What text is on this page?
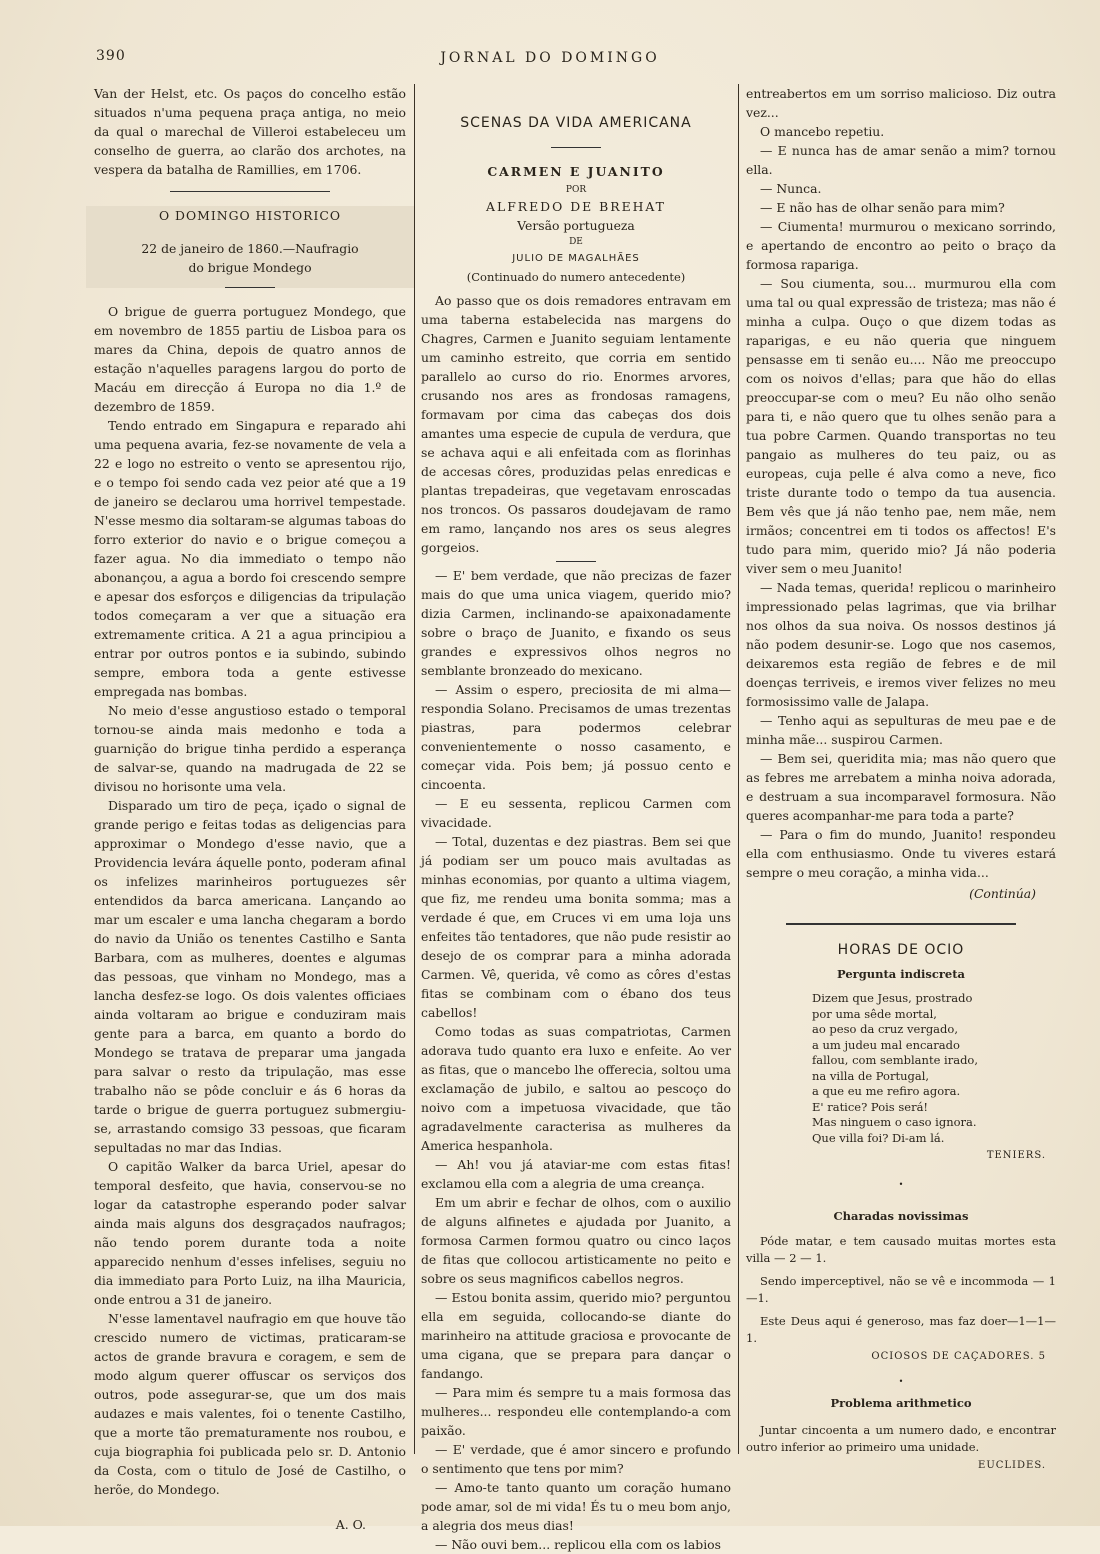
390	JORNAL DO DOMINGO

Van der Helst, etc. Os paços do concelho estão situados n'uma pequena praça antiga, no meio da qual o marechal de Villeroi estabeleceu um conselho de guerra, ao clarão dos archotes, na vespera da batalha de Ramillies, em 1706.

O DOMINGO HISTORICO
22 de janeiro de 1860.—Naufragio
do brigue Mondego

O brigue de guerra portuguez Mondego, que em novembro de 1855 partiu de Lisboa para os mares da China, depois de quatro annos de estação n'aquelles paragens largou do porto de Macáu em direcção á Europa no dia 1.º de dezembro de 1859.

Tendo entrado em Singapura e reparado ahi uma pequena avaria, fez-se novamente de vela a 22 e logo no estreito o vento se apresentou rijo, e o tempo foi sendo cada vez peior até que a 19 de janeiro se declarou uma horrivel tempestade. N'esse mesmo dia soltaram-se algumas taboas do forro exterior do navio e o brigue começou a fazer agua. No dia immediato o tempo não abonançou, a agua a bordo foi crescendo sempre e apesar dos esforços e diligencias da tripulação todos começaram a ver que a situação era extremamente critica. A 21 a agua principiou a entrar por outros pontos e ia subindo, subindo sempre, embora toda a gente estivesse empregada nas bombas.

No meio d'esse angustioso estado o temporal tornou-se ainda mais medonho e toda a guarnição do brigue tinha perdido a esperança de salvar-se, quando na madrugada de 22 se divisou no horisonte uma vela.

Disparado um tiro de peça, içado o signal de grande perigo e feitas todas as deligencias para approximar o Mondego d'esse navio, que a Providencia levára áquelle ponto, poderam afinal os infelizes marinheiros portuguezes sêr entendidos da barca americana. Lançando ao mar um escaler e uma lancha chegaram a bordo do navio da União os tenentes Castilho e Santa Barbara, com as mulheres, doentes e algumas das pessoas, que vinham no Mondego, mas a lancha desfez-se logo. Os dois valentes officiaes ainda voltaram ao brigue e conduziram mais gente para a barca, em quanto a bordo do Mondego se tratava de preparar uma jangada para salvar o resto da tripulação, mas esse trabalho não se pôde concluir e ás 6 horas da tarde o brigue de guerra portuguez submergiu-se, arrastando comsigo 33 pessoas, que ficaram sepultadas no mar das Indias.

O capitão Walker da barca Uriel, apesar do temporal desfeito, que havia, conservou-se no logar da catastrophe esperando poder salvar ainda mais alguns dos desgraçados naufragos; não tendo porem durante toda a noite apparecido nenhum d'esses infelises, seguiu no dia immediato para Porto Luiz, na ilha Mauricia, onde entrou a 31 de janeiro.

N'esse lamentavel naufragio em que houve tão crescido numero de victimas, praticaram-se actos de grande bravura e coragem, e sem de modo algum querer offuscar os serviços dos outros, pode assegurar-se, que um dos mais audazes e mais valentes, foi o tenente Castilho, que a morte tão prematuramente nos roubou, e cuja biographia foi publicada pelo sr. D. Antonio da Costa, com o titulo de José de Castilho, o herõe, do Mondego.

A. O.
SCENAS DA VIDA AMERICANA
CARMEN E JUANITO
POR
ALFREDO DE BREHAT
Versão portugueza
DE
JULIO DE MAGALHÃES
(Continuado do numero antecedente)

Ao passo que os dois remadores entravam em uma taberna estabelecida nas margens do Chagres, Carmen e Juanito seguiam lentamente um caminho estreito, que corria em sentido parallelo ao curso do rio. Enormes arvores, crusando nos ares as frondosas ramagens, formavam por cima das cabeças dos dois amantes uma especie de cupula de verdura, que se achava aqui e ali enfeitada com as florinhas de accesas côres, produzidas pelas enredicas e plantas trepadeiras, que vegetavam enroscadas nos troncos. Os passaros doudejavam de ramo em ramo, lançando nos ares os seus alegres gorgeios.

— E' bem verdade, que não precizas de fazer mais do que uma unica viagem, querido mio? dizia Carmen, inclinando-se apaixonadamente sobre o braço de Juanito, e fixando os seus grandes e expressivos olhos negros no semblante bronzeado do mexicano.

— Assim o espero, preciosita de mi alma— respondia Solano. Precisamos de umas trezentas piastras, para podermos celebrar convenientemente o nosso casamento, e começar vida. Pois bem; já possuo cento e cincoenta.

— E eu sessenta, replicou Carmen com vivacidade.

— Total, duzentas e dez piastras. Bem sei que já podiam ser um pouco mais avultadas as minhas economias, por quanto a ultima viagem, que fiz, me rendeu uma bonita somma; mas a verdade é que, em Cruces vi em uma loja uns enfeites tão tentadores, que não pude resistir ao desejo de os comprar para a minha adorada Carmen. Vê, querida, vê como as côres d'estas fitas se combinam com o ébano dos teus cabellos!

Como todas as suas compatriotas, Carmen adorava tudo quanto era luxo e enfeite. Ao ver as fitas, que o mancebo lhe offerecia, soltou uma exclamação de jubilo, e saltou ao pescoço do noivo com a impetuosa vivacidade, que tão agradavelmente caracterisa as mulheres da America hespanhola.

— Ah! vou já ataviar-me com estas fitas! exclamou ella com a alegria de uma creança.

Em um abrir e fechar de olhos, com o auxilio de alguns alfinetes e ajudada por Juanito, a formosa Carmen formou quatro ou cinco laços de fitas que collocou artisticamente no peito e sobre os seus magnificos cabellos negros.

— Estou bonita assim, querido mio? perguntou ella em seguida, collocando-se diante do marinheiro na attitude graciosa e provocante de uma cigana, que se prepara para dançar o fandango.

— Para mim és sempre tu a mais formosa das mulheres... respondeu elle contemplando-a com paixão.

— E' verdade, que é amor sincero e profundo o sentimento que tens por mim?

— Amo-te tanto quanto um coração humano pode amar, sol de mi vida! És tu o meu bom anjo, a alegria dos meus dias!

— Não ouvi bem... replicou ella com os labios

entreabertos em um sorriso malicioso. Diz outra vez...

O mancebo repetiu.

— E nunca has de amar senão a mim? tornou ella.

— Nunca.

— E não has de olhar senão para mim?

— Ciumenta! murmurou o mexicano sorrindo, e apertando de encontro ao peito o braço da formosa rapariga.

— Sou ciumenta, sou... murmurou ella com uma tal ou qual expressão de tristeza; mas não é minha a culpa. Ouço o que dizem todas as raparigas, e eu não queria que ninguem pensasse em ti senão eu.... Não me preoccupo com os noivos d'ellas; para que hão do ellas preoccupar-se com o meu? Eu não olho senão para ti, e não quero que tu olhes senão para a tua pobre Carmen. Quando transportas no teu pangaio as mulheres do teu paiz, ou as europeas, cuja pelle é alva como a neve, fico triste durante todo o tempo da tua ausencia. Bem vês que já não tenho pae, nem mãe, nem irmãos; concentrei em ti todos os affectos! E's tudo para mim, querido mio? Já não poderia viver sem o meu Juanito!

— Nada temas, querida! replicou o marinheiro impressionado pelas lagrimas, que via brilhar nos olhos da sua noiva. Os nossos destinos já não podem desunir-se. Logo que nos casemos, deixaremos esta região de febres e de mil doenças terriveis, e iremos viver felizes no meu formosissimo valle de Jalapa.

— Tenho aqui as sepulturas de meu pae e de minha mãe... suspirou Carmen.

— Bem sei, queridita mia; mas não quero que as febres me arrebatem a minha noiva adorada, e destruam a sua incomparavel formosura. Não queres acompanhar-me para toda a parte?

— Para o fim do mundo, Juanito! respondeu ella com enthusiasmo. Onde tu viveres estará sempre o meu coração, a minha vida...

(Continúa)
HORAS DE OCIO
Pergunta indiscreta
Dizem que Jesus, prostrado
por uma sêde mortal,
ao peso da cruz vergado,
a um judeu mal encarado
fallou, com semblante irado,
na villa de Portugal,
a que eu me refiro agora.
E' ratice? Pois será!
Mas ninguem o caso ignora.
Que villa foi? Di-am lá.
TENIERS.
•
Charadas novissimas

Póde matar, e tem causado muitas mortes esta villa — 2 — 1.

Sendo imperceptivel, não se vê e incommoda — 1—1.

Este Deus aqui é generoso, mas faz doer—1—1—1.

OCIOSOS DE CAÇADORES. 5
•
Problema arithmetico

Juntar cincoenta a um numero dado, e encontrar outro inferior ao primeiro uma unidade.

EUCLIDES.
